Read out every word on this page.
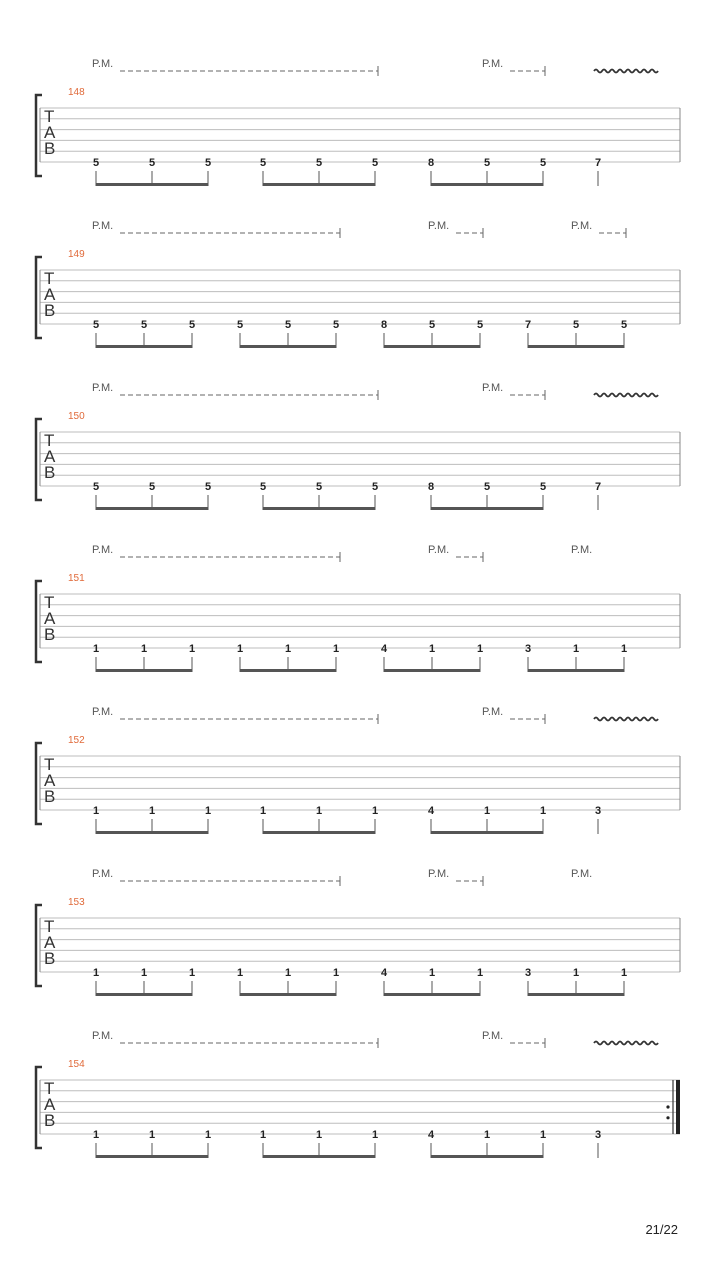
P.M.	P.M.
148
T
A
B
5	5	5	5	5	5	8	5	5	7
P.M.	P.M.	P.M.
149
T
A
B
5	5	5	5	5	5	8	5	5	7	5	5
P.M.	P.M.
150
T
A
B
5	5	5	5	5	5	8	5	5	7
P.M.	P.M.	P.M.
151
T
A
B
1	1	1	1	1	1	4	1	1	3	1	1
P.M.	P.M.
152
T
A
B
1	1	1	1	1	1	4	1	1	3
P.M.	P.M.	P.M.
153
T
A
B
1	1	1	1	1	1	4	1	1	3	1	1
P.M.	P.M.
154
T
A
B
1	1	1	1	1	1	4	1	1	3
21/22
